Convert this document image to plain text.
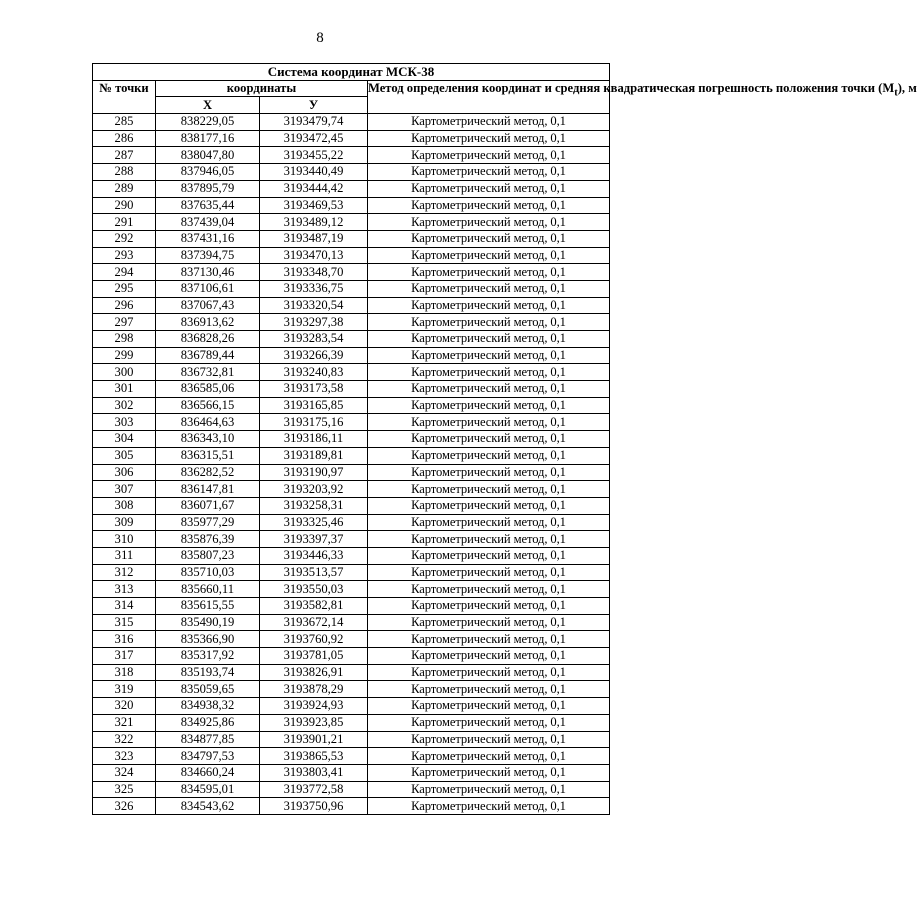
8
Система координат МСК-38			
№ точки	координаты		Метод определения координат и средняя квадратическая погрешность положения точки $(M_t)$, м
	X	У	
285	838229,05	3193479,74	Картометрический метод, 0,1
286	838177,16	3193472,45	Картометрический метод, 0,1
287	838047,80	3193455,22	Картометрический метод, 0,1
288	837946,05	3193440,49	Картометрический метод, 0,1
289	837895,79	3193444,42	Картометрический метод, 0,1
290	837635,44	3193469,53	Картометрический метод, 0,1
291	837439,04	3193489,12	Картометрический метод, 0,1
292	837431,16	3193487,19	Картометрический метод, 0,1
293	837394,75	3193470,13	Картометрический метод, 0,1
294	837130,46	3193348,70	Картометрический метод, 0,1
295	837106,61	3193336,75	Картометрический метод, 0,1
296	837067,43	3193320,54	Картометрический метод, 0,1
297	836913,62	3193297,38	Картометрический метод, 0,1
298	836828,26	3193283,54	Картометрический метод, 0,1
299	836789,44	3193266,39	Картометрический метод, 0,1
300	836732,81	3193240,83	Картометрический метод, 0,1
301	836585,06	3193173,58	Картометрический метод, 0,1
302	836566,15	3193165,85	Картометрический метод, 0,1
303	836464,63	3193175,16	Картометрический метод, 0,1
304	836343,10	3193186,11	Картометрический метод, 0,1
305	836315,51	3193189,81	Картометрический метод, 0,1
306	836282,52	3193190,97	Картометрический метод, 0,1
307	836147,81	3193203,92	Картометрический метод, 0,1
308	836071,67	3193258,31	Картометрический метод, 0,1
309	835977,29	3193325,46	Картометрический метод, 0,1
310	835876,39	3193397,37	Картометрический метод, 0,1
311	835807,23	3193446,33	Картометрический метод, 0,1
312	835710,03	3193513,57	Картометрический метод, 0,1
313	835660,11	3193550,03	Картометрический метод, 0,1
314	835615,55	3193582,81	Картометрический метод, 0,1
315	835490,19	3193672,14	Картометрический метод, 0,1
316	835366,90	3193760,92	Картометрический метод, 0,1
317	835317,92	3193781,05	Картометрический метод, 0,1
318	835193,74	3193826,91	Картометрический метод, 0,1
319	835059,65	3193878,29	Картометрический метод, 0,1
320	834938,32	3193924,93	Картометрический метод, 0,1
321	834925,86	3193923,85	Картометрический метод, 0,1
322	834877,85	3193901,21	Картометрический метод, 0,1
323	834797,53	3193865,53	Картометрический метод, 0,1
324	834660,24	3193803,41	Картометрический метод, 0,1
325	834595,01	3193772,58	Картометрический метод, 0,1
326	834543,62	3193750,96	Картометрический метод, 0,1
